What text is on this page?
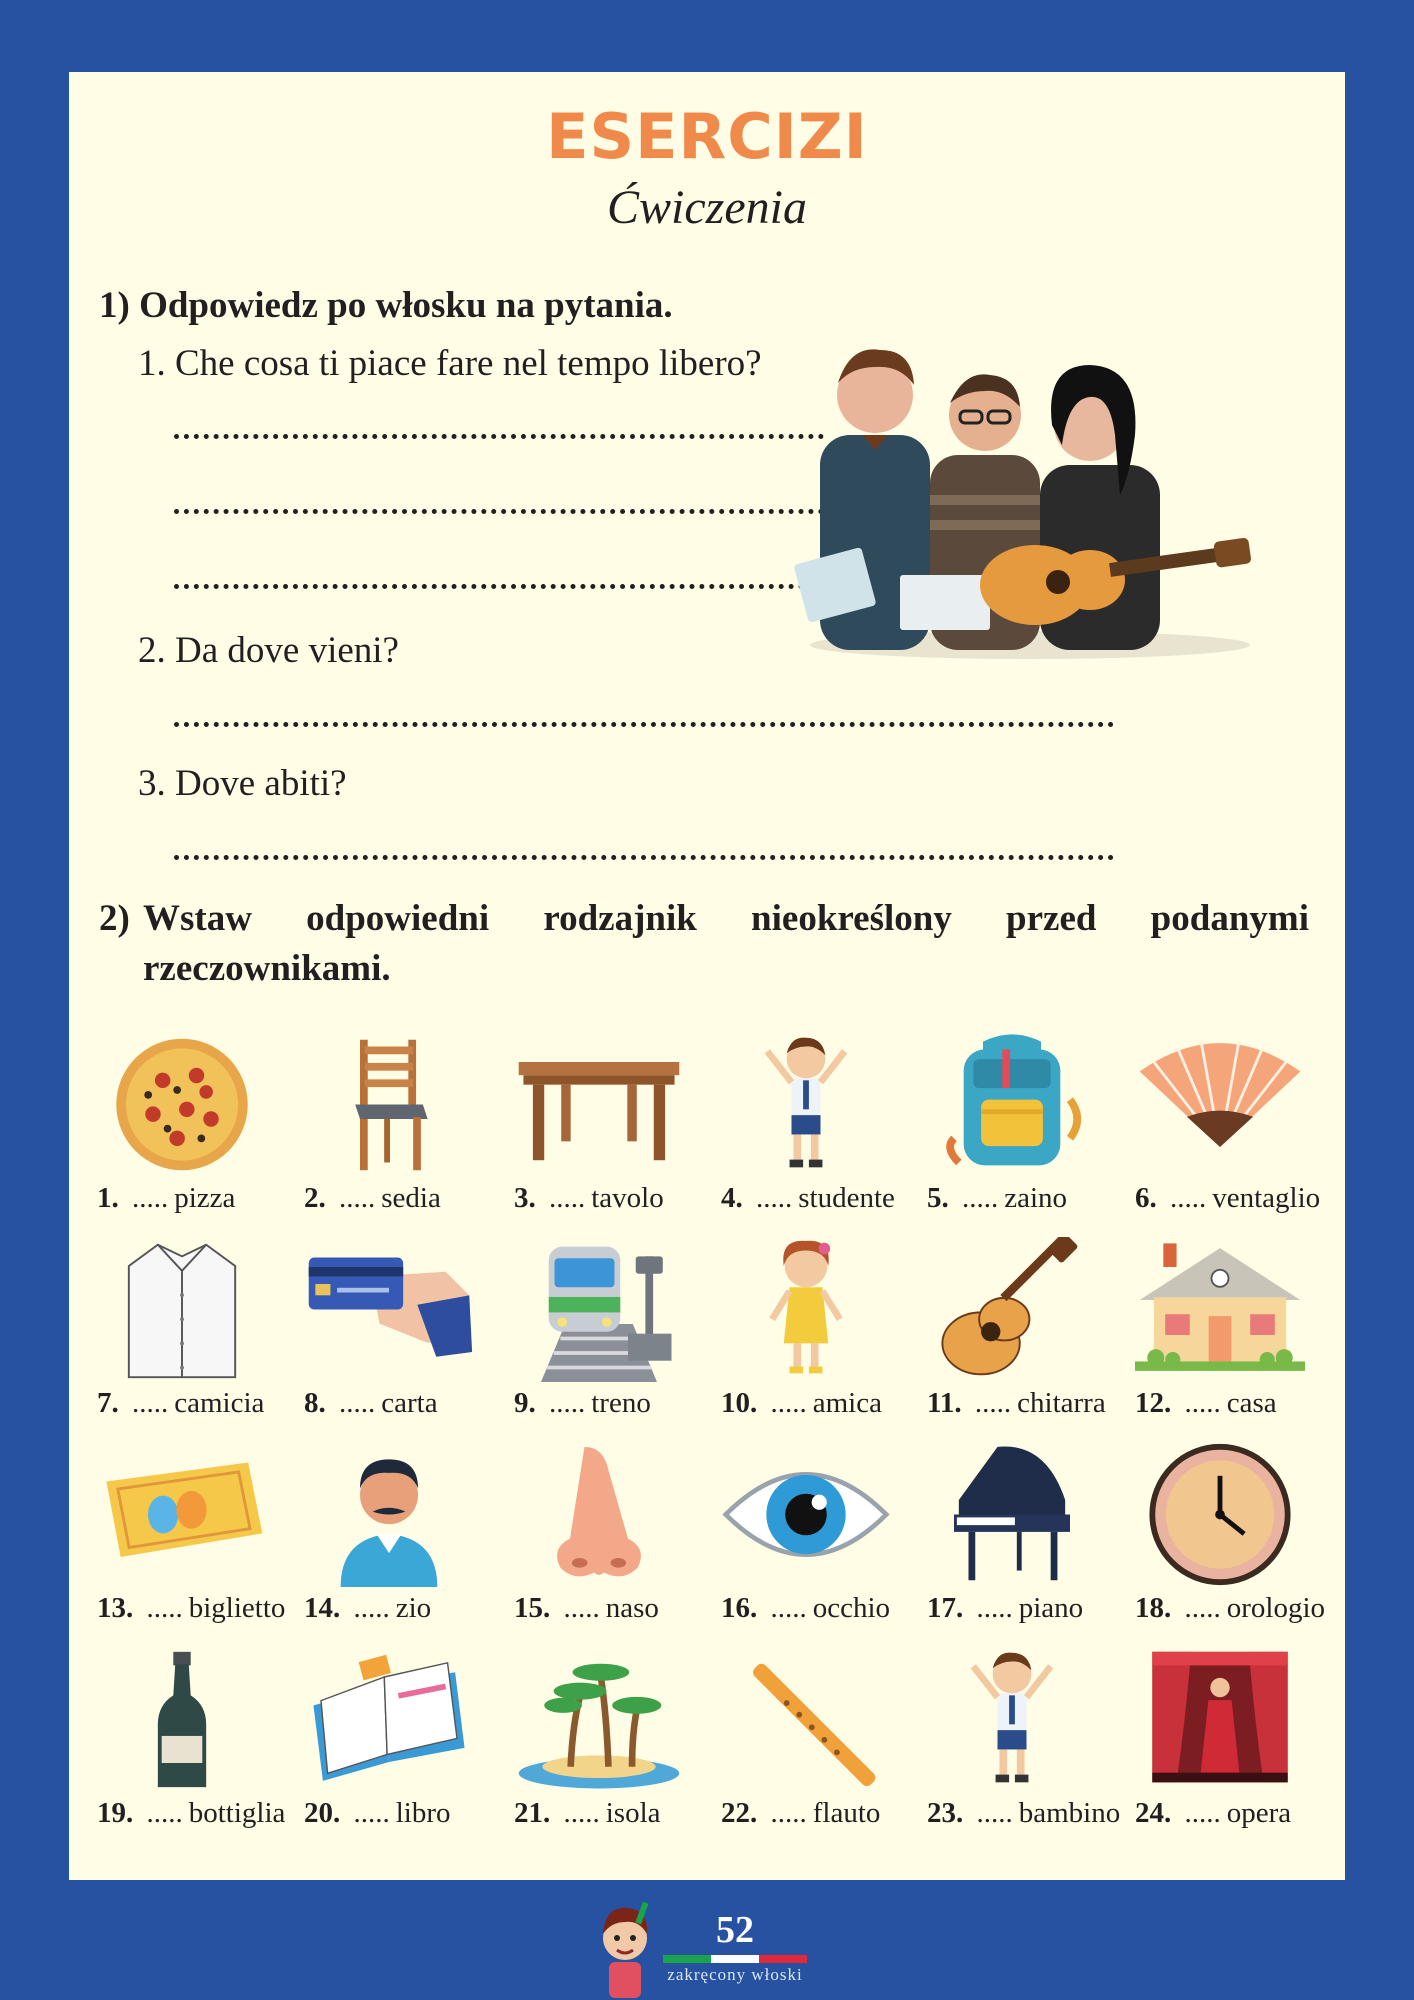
ESERCIZI
Ćwiczenia
1) Odpowiedz po włosku na pytania.
1. Che cosa ti piace fare nel tempo libero?
2. Da dove vieni?
3. Dove abiti?
2) Wstaw odpowiedni rodzajnik nieokreślony przed podanymi rzeczownikami.
1. ..... pizza 2. ..... sedia	3. ..... tavolo 4. ..... studente 5. ..... zaino 6. ..... ventaglio
7. ..... camicia 8. ..... carta	9. ..... treno 10. ..... amica 11. ..... chitarra 12. ..... casa
13. ..... biglietto 14. ..... zio	15. ..... naso 16. ..... occhio 17. ..... piano 18. ..... orologio
19. ..... bottiglia 20. ..... libro 21. ..... isola 22. ..... flauto 23. ..... bambino 24. ..... opera
52
zakręcony włoski
